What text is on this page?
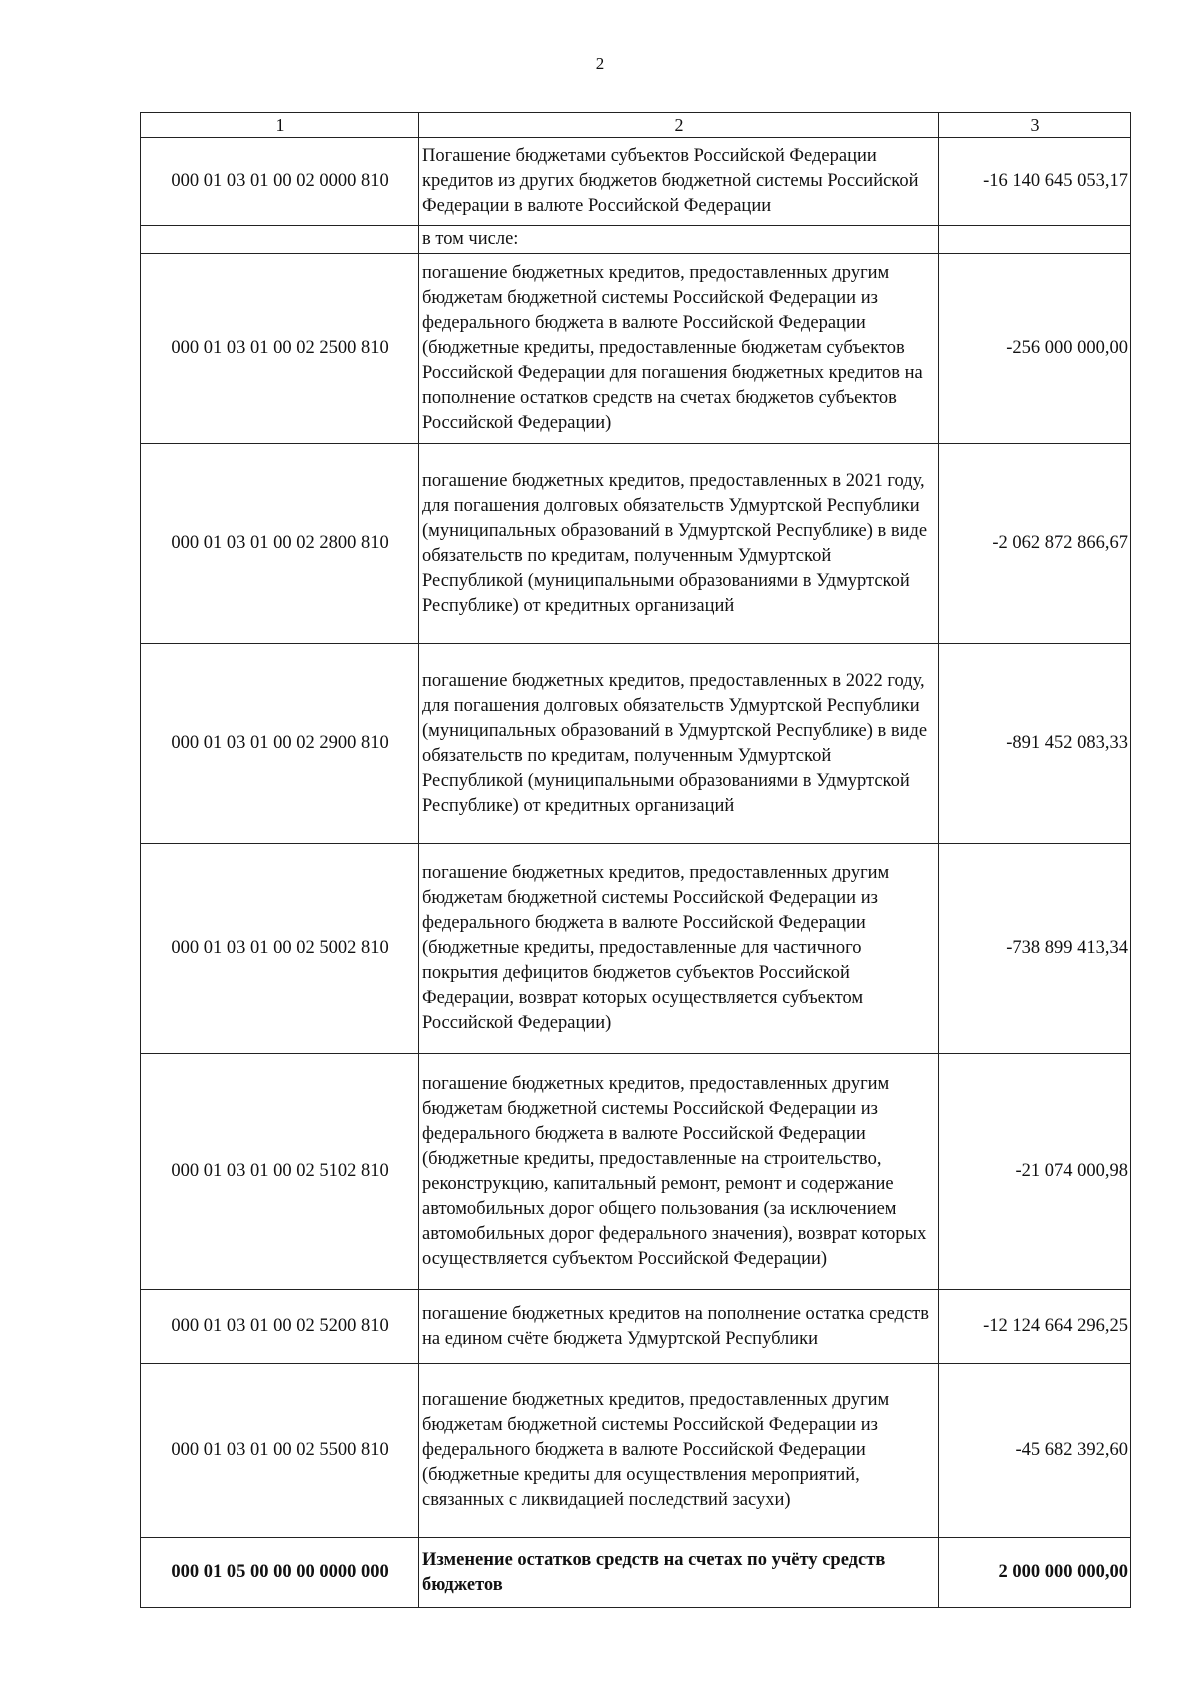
2
1	2	3
000 01 03 01 00 02 0000 810	Погашение бюджетами субъектов Российской Федерации кредитов из других бюджетов бюджетной системы Российской Федерации в валюте Российской Федерации	-16 140 645 053,17
	в том числе:	
000 01 03 01 00 02 2500 810	погашение бюджетных кредитов, предоставленных другим бюджетам бюджетной системы Российской Федерации из федерального бюджета в валюте Российской Федерации (бюджетные кредиты, предоставленные бюджетам субъектов Российской Федерации для погашения бюджетных кредитов на пополнение остатков средств на счетах бюджетов субъектов Российской Федерации)	-256 000 000,00
000 01 03 01 00 02 2800 810	погашение бюджетных кредитов, предоставленных в 2021 году, для погашения долговых обязательств Удмуртской Республики (муниципальных образований в Удмуртской Республике) в виде обязательств по кредитам, полученным Удмуртской Республикой (муниципальными образованиями в Удмуртской Республике) от кредитных организаций	-2 062 872 866,67
000 01 03 01 00 02 2900 810	погашение бюджетных кредитов, предоставленных в 2022 году, для погашения долговых обязательств Удмуртской Республики (муниципальных образований в Удмуртской Республике) в виде обязательств по кредитам, полученным Удмуртской Республикой (муниципальными образованиями в Удмуртской Республике) от кредитных организаций	-891 452 083,33
000 01 03 01 00 02 5002 810	погашение бюджетных кредитов, предоставленных другим бюджетам бюджетной системы Российской Федерации из федерального бюджета в валюте Российской Федерации (бюджетные кредиты, предоставленные для частичного покрытия дефицитов бюджетов субъектов Российской Федерации, возврат которых осуществляется субъектом Российской Федерации)	-738 899 413,34
000 01 03 01 00 02 5102 810	погашение бюджетных кредитов, предоставленных другим бюджетам бюджетной системы Российской Федерации из федерального бюджета в валюте Российской Федерации (бюджетные кредиты, предоставленные на строительство, реконструкцию, капитальный ремонт, ремонт и содержание автомобильных дорог общего пользования (за исключением автомобильных дорог федерального значения), возврат которых осуществляется субъектом Российской Федерации)	-21 074 000,98
000 01 03 01 00 02 5200 810	погашение бюджетных кредитов на пополнение остатка средств на едином счёте бюджета Удмуртской Республики	-12 124 664 296,25
000 01 03 01 00 02 5500 810	погашение бюджетных кредитов, предоставленных другим бюджетам бюджетной системы Российской Федерации из федерального бюджета в валюте Российской Федерации (бюджетные кредиты для осуществления мероприятий, связанных с ликвидацией последствий засухи)	-45 682 392,60
000 01 05 00 00 00 0000 000	Изменение остатков средств на счетах по учёту средств бюджетов	2 000 000 000,00
